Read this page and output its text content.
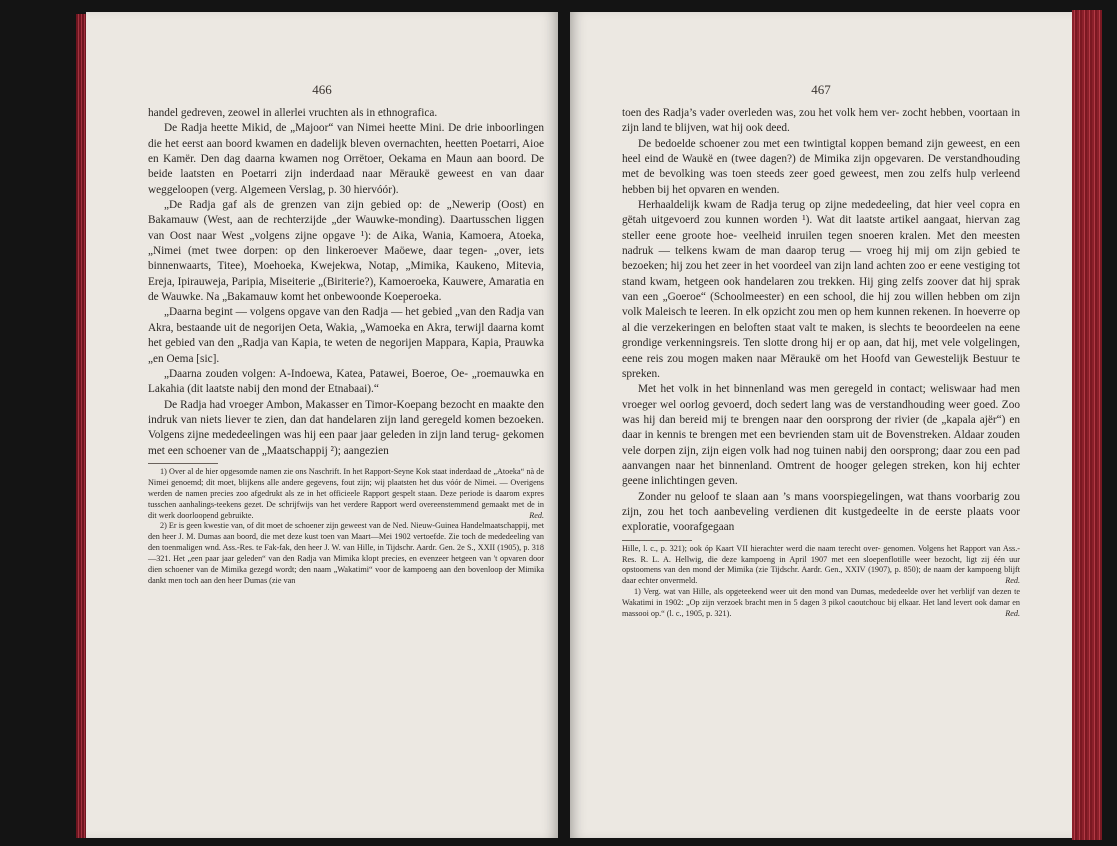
466

handel gedreven, zeowel in allerlei vruchten als in ethnografica.

De Radja heette Mikid, de „Majoor“ van Nimei heette Mini. De drie inboorlingen die het eerst aan boord kwamen en dadelijk bleven overnachten, heetten Poetarri, Aioe en Kamër. Den dag daarna kwamen nog Orrëtoer, Oekama en Maun aan boord. De beide laatsten en Poetarri zijn inderdaad naar Mëraukë geweest en van daar weggeloopen (verg. Algemeen Verslag, p. 30 hiervóór).

„De Radja gaf als de grenzen van zijn gebied op: de „Newerip (Oost) en Bakamauw (West, aan de rechterzijde „der Wauwke-monding). Daartusschen liggen van Oost naar West „volgens zijne opgave ¹): de Aika, Wania, Kamoera, Atoeka, „Nimei (met twee dorpen: op den linkeroever Maöewe, daar tegen- „over, iets binnenwaarts, Titee), Moehoeka, Kwejekwa, Notap, „Mimika, Kaukeno, Mitevia, Ereja, Ipirauweja, Paripia, Miseiterie „(Biriterie?), Kamoeroeka, Kauwere, Amaratia en de Wauwke. Na „Bakamauw komt het onbewoonde Koeperoeka.

„Daarna begint — volgens opgave van den Radja — het gebied „van den Radja van Akra, bestaande uit de negorijen Oeta, Wakia, „Wamoeka en Akra, terwijl daarna komt het gebied van den „Radja van Kapia, te weten de negorijen Mappara, Kapia, Prauwka „en Oema [sic].

„Daarna zouden volgen: A-Indoewa, Katea, Patawei, Boeroe, Oe- „roemauwka en Lakahia (dit laatste nabij den mond der Etnabaai).“

De Radja had vroeger Ambon, Makasser en Timor-Koepang bezocht en maakte den indruk van niets liever te zien, dan dat handelaren zijn land geregeld komen bezoeken. Volgens zijne mededeelingen was hij een paar jaar geleden in zijn land terug- gekomen met een schoener van de „Maatschappij ²); aangezien

1) Over al de hier opgesomde namen zie ons Naschrift. In het Rapport-Seyne Kok staat inderdaad de „Atoeka“ nà de Nimei genoemd; dit moet, blijkens alle andere gegevens, fout zijn; wij plaatsten het dus vóór de Nimei. — Overigens werden de namen precies zoo afgedrukt als ze in het officieele Rapport gespelt staan. Deze periode is daarom expres tusschen aanhalings-teekens gezet. De schrijfwijs van het verdere Rapport werd overeenstemmend gemaakt met de in dit werk doorloopend gebruikte.	Red.

2) Er is geen kwestie van, of dit moet de schoener zijn geweest van de Ned. Nieuw-Guinea Handelmaatschappij, met den heer J. M. Dumas aan boord, die met deze kust toen van Maart—Mei 1902 vertoefde. Zie toch de mededeeling van den toenmaligen wnd. Ass.-Res. te Fak-fak, den heer J. W. van Hille, in Tijdschr. Aardr. Gen. 2e S., XXII (1905), p. 318—321. Het „een paar jaar geleden“ van den Radja van Mimika klopt precies, en evenzeer hetgeen van 't opvaren door dien schoener van de Mimika gezegd wordt; den naam „Wakatimi“ voor de kampoeng aan den bovenloop der Mimika dankt men toch aan den heer Dumas (zie van

467

toen des Radja’s vader overleden was, zou het volk hem ver- zocht hebben, voortaan in zijn land te blijven, wat hij ook deed.

De bedoelde schoener zou met een twintigtal koppen bemand zijn geweest, en een heel eind de Waukë en (twee dagen?) de Mimika zijn opgevaren. De verstandhouding met de bevolking was toen steeds zeer goed geweest, men zou zelfs hulp verleend hebben bij het opvaren en wenden.

Herhaaldelijk kwam de Radja terug op zijne mededeeling, dat hier veel copra en gëtah uitgevoerd zou kunnen worden ¹). Wat dit laatste artikel aangaat, hiervan zag steller eene groote hoe- veelheid inruilen tegen snoeren kralen. Met den meesten nadruk — telkens kwam de man daarop terug — vroeg hij mij om zijn gebied te bezoeken; hij zou het zeer in het voordeel van zijn land achten zoo er eene vestiging tot stand kwam, hetgeen ook handelaren zou trekken. Hij ging zelfs zoover dat hij sprak van een „Goeroe“ (Schoolmeester) en een school, die hij zou willen hebben om zijn volk Maleisch te leeren. In elk opzicht zou men op hem kunnen rekenen. In hoeverre op al die verzekeringen en beloften staat valt te maken, is slechts te beoordeelen na eene grondige verkenningsreis. Ten slotte drong hij er op aan, dat hij, met vele volgelingen, eene reis zou mogen maken naar Mëraukë om het Hoofd van Gewestelijk Bestuur te spreken.

Met het volk in het binnenland was men geregeld in contact; weliswaar had men vroeger wel oorlog gevoerd, doch sedert lang was de verstandhouding weer goed. Zoo was hij dan bereid mij te brengen naar den oorsprong der rivier (de „kapala ajër“) en daar in kennis te brengen met een bevrienden stam uit de Bovenstreken. Aldaar zouden vele dorpen zijn, zijn eigen volk had nog tuinen nabij den oorsprong; daar zou een pad aanvangen naar het binnenland. Omtrent de hooger gelegen streken, kon hij echter geene inlichtingen geven.

Zonder nu geloof te slaan aan ’s mans voorspiegelingen, wat thans voorbarig zou zijn, zou het toch aanbeveling verdienen dit kustgedeelte in de eerste plaats voor exploratie, voorafgegaan

Hille, l. c., p. 321); ook óp Kaart VII hierachter werd die naam terecht over- genomen. Volgens het Rapport van Ass.-Res. R. L. A. Hellwig, die deze kampoeng in April 1907 met een sloepenflotille weer bezocht, ligt zij één uur opstoomens van den mond der Mimika (zie Tijdschr. Aardr. Gen., XXIV (1907), p. 850); de naam der kampoeng blijft daar echter onvermeld.	Red.

1) Verg. wat van Hille, als opgeteekend weer uit den mond van Dumas, mededeelde over het verblijf van dezen te Wakatimi in 1902: „Op zijn verzoek bracht men in 5 dagen 3 pikol caoutchouc bij elkaar. Het land levert ook damar en massooi op.“ (l. c., 1905, p. 321).	Red.
